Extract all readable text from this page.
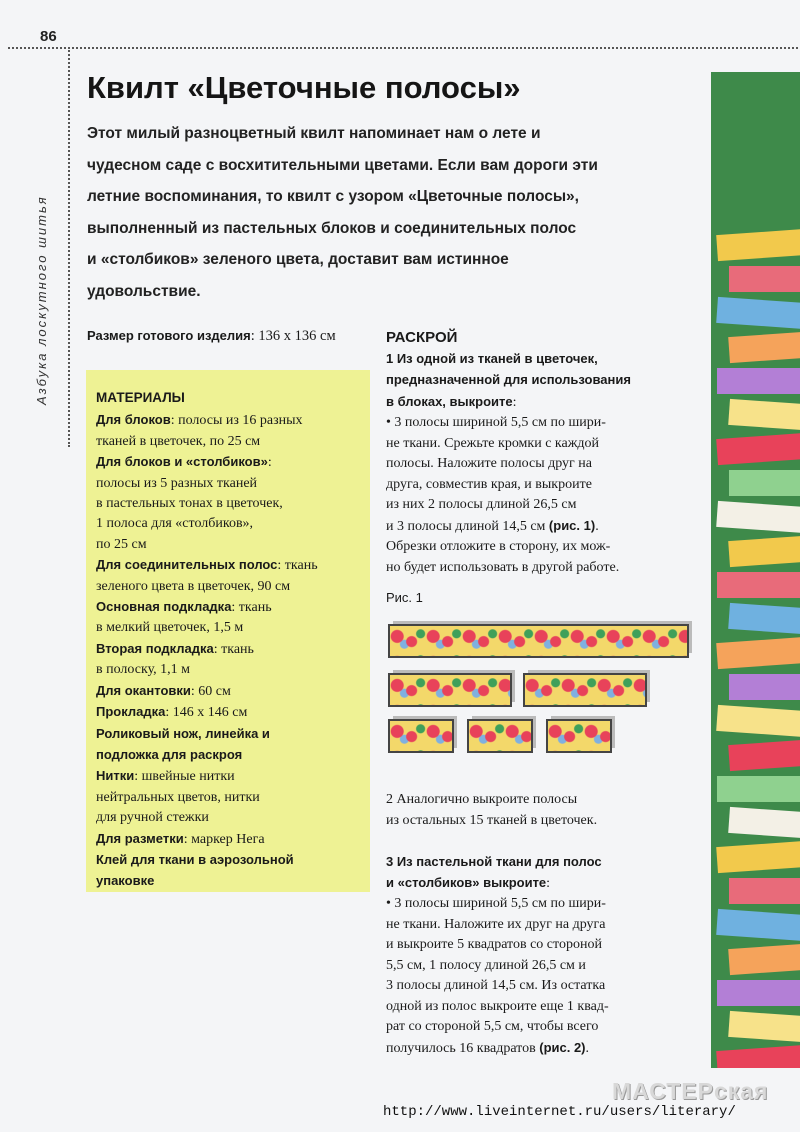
86
Азбука лоскутного шитья
Квилт «Цветочные полосы»
Этот милый разноцветный квилт напоминает нам о лете и
чудесном саде с восхитительными цветами. Если вам дороги эти
летние воспоминания, то квилт с узором «Цветочные полосы»,
выполненный из пастельных блоков и соединительных полос
и «столбиков» зеленого цвета, доставит вам истинное
удовольствие.
Размер готового изделия: 136 х 136 см
МАТЕРИАЛЫ
Для блоков: полосы из 16 разных
тканей в цветочек, по 25 см
Для блоков и «столбиков»:
полосы из 5 разных тканей
в пастельных тонах в цветочек,
1 полоса для «столбиков»,
по 25 см
Для соединительных полос: ткань
зеленого цвета в цветочек, 90 см
Основная подкладка: ткань
в мелкий цветочек, 1,5 м
Вторая подкладка: ткань
в полоску, 1,1 м
Для окантовки: 60 см
Прокладка: 146 х 146 см
Роликовый нож, линейка и
подложка для раскроя
Нитки: швейные нитки
нейтральных цветов, нитки
для ручной стежки
Для разметки: маркер Нега
Клей для ткани в аэрозольной
упаковке
РАСКРОЙ
1 Из одной из тканей в цветочек,
предназначенной для использования
в блоках, выкроите:
• 3 полосы шириной 5,5 см по шири-
не ткани. Срежьте кромки с каждой
полосы. Наложите полосы друг на
друга, совместив края, и выкроите
из них 2 полосы длиной 26,5 см
и 3 полосы длиной 14,5 см (рис. 1).
Обрезки отложите в сторону, их мож-
но будет использовать в другой работе.
Рис. 1
2 Аналогично выкроите полосы
из остальных 15 тканей в цветочек.
3 Из пастельной ткани для полос
и «столбиков» выкроите:
• 3 полосы шириной 5,5 см по шири-
не ткани. Наложите их друг на друга
и выкроите 5 квадратов со стороной
5,5 см, 1 полосу длиной 26,5 см и
3 полосы длиной 14,5 см. Из остатка
одной из полос выкроите еще 1 квад-
рат со стороной 5,5 см, чтобы всего
получилось 16 квадратов (рис. 2).
МАСТЕРская
http://www.liveinternet.ru/users/literary/
